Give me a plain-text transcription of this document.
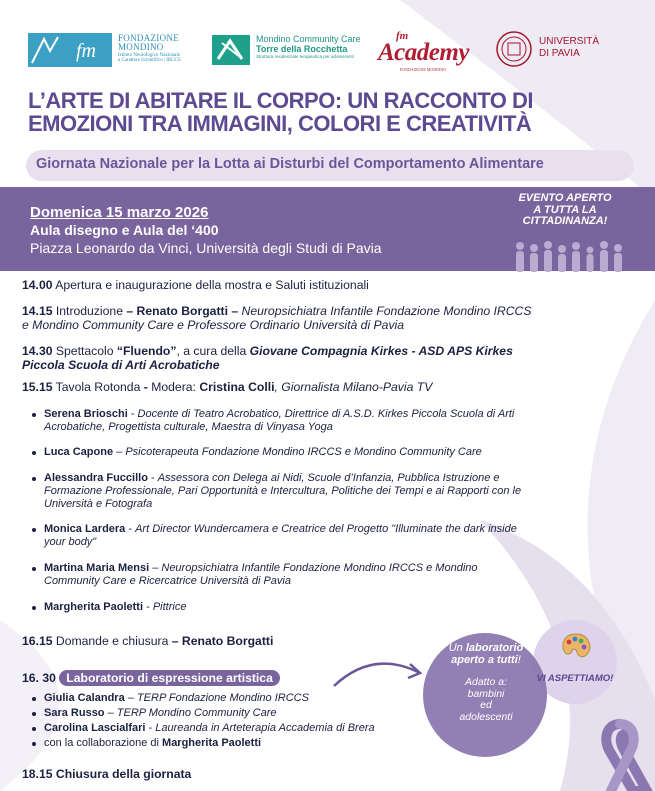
fm
FONDAZIONE
MONDINO
Istituto Neurologico Nazionale
a Carattere Scientifico | IRCCS
Mondino Community Care
Torre della Rocchetta
Struttura residenziale terapeutica per adolescenti
fm
Academy
FONDAZIONE MONDINO
UNIVERSITÀ
DI PAVIA
L’ARTE DI ABITARE IL CORPO: UN RACCONTO DI
EMOZIONI TRA IMMAGINI, COLORI E CREATIVITÀ
Giornata Nazionale per la Lotta ai Disturbi del Comportamento Alimentare
Domenica 15 marzo 2026
Aula disegno e Aula del ‘400
Piazza Leonardo da Vinci, Università degli Studi di Pavia
EVENTO APERTO
A TUTTA LA
CITTADINANZA!
14.00 Apertura e inaugurazione della mostra e Saluti istituzionali
14.15 Introduzione – Renato Borgatti – Neuropsichiatra Infantile Fondazione Mondino IRCCS
e Mondino Community Care e Professore Ordinario Università di Pavia
14.30 Spettacolo “Fluendo”, a cura della Giovane Compagnia Kirkes - ASD APS Kirkes
Piccola Scuola di Arti Acrobatiche
15.15 Tavola Rotonda - Modera: Cristina Colli, Giornalista Milano-Pavia TV
Serena Brioschi - Docente di Teatro Acrobatico, Direttrice di A.S.D. Kirkes Piccola Scuola di Arti
Acrobatiche, Progettista culturale, Maestra di Vinyasa Yoga
Luca Capone – Psicoterapeuta Fondazione Mondino IRCCS e Mondino Community Care
Alessandra Fuccillo - Assessora con Delega ai Nidi, Scuole d’Infanzia, Pubblica Istruzione e
Formazione Professionale, Pari Opportunità e Intercultura, Politiche dei Tempi e ai Rapporti con le
Università e Fotografa
Monica Lardera - Art Director Wundercamera e Creatrice del Progetto "Illuminate the dark inside
your body"
Martina Maria Mensi – Neuropsichiatra Infantile Fondazione Mondino IRCCS e Mondino
Community Care e Ricercatrice Università di Pavia
Margherita Paoletti - Pittrice
16.15 Domande e chiusura – Renato Borgatti
16. 30 Laboratorio di espressione artistica
Giulia Calandra – TERP Fondazione Mondino IRCCS
Sara Russo – TERP Mondino Community Care
Carolina Lascialfari - Laureanda in Arteterapia Accademia di Brera
con la collaborazione di Margherita Paoletti
18.15 Chiusura della giornata
Un laboratorio
aperto a tutti!
Adatto a:
bambini
ed
adolescenti
VI ASPETTIAMO!
